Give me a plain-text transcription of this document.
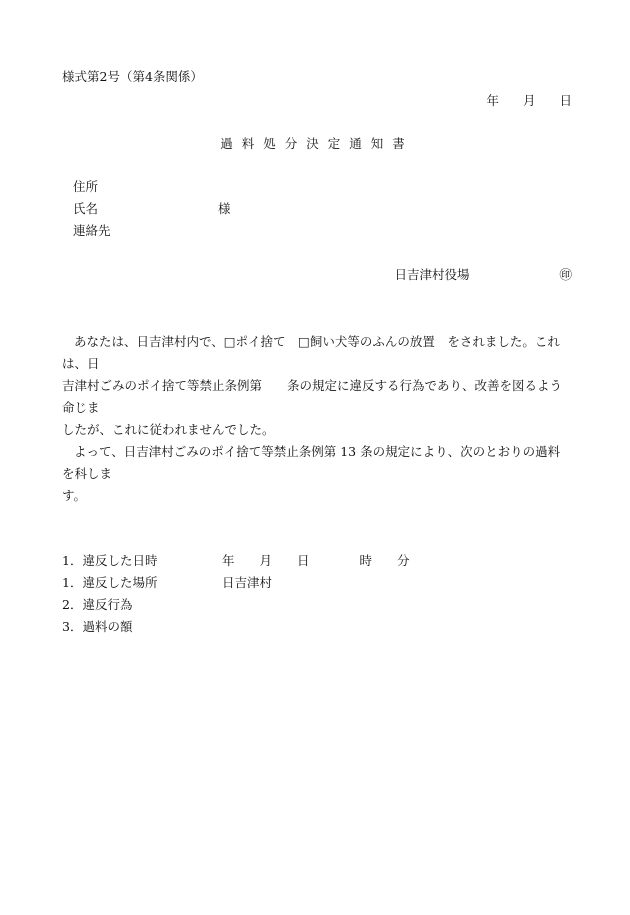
様式第2号（第4条関係）
年 月 日
過料処分決定通知書
住所
氏名	様
連絡先
日吉津村役場	㊞
あなたは、日吉津村内で、□ポイ捨て　□飼い犬等のふんの放置　をされました。これは、日
吉津村ごみのポイ捨て等禁止条例第　　条の規定に違反する行為であり、改善を図るよう命じま
したが、これに従われませんでした。
よって、日吉津村ごみのポイ捨て等禁止条例第 13 条の規定により、次のとおりの過料を科しま
す。
1．違反した日時	年　　月　　日　　　　時　　分
1．違反した場所	日吉津村
2．違反行為
3．過料の額
